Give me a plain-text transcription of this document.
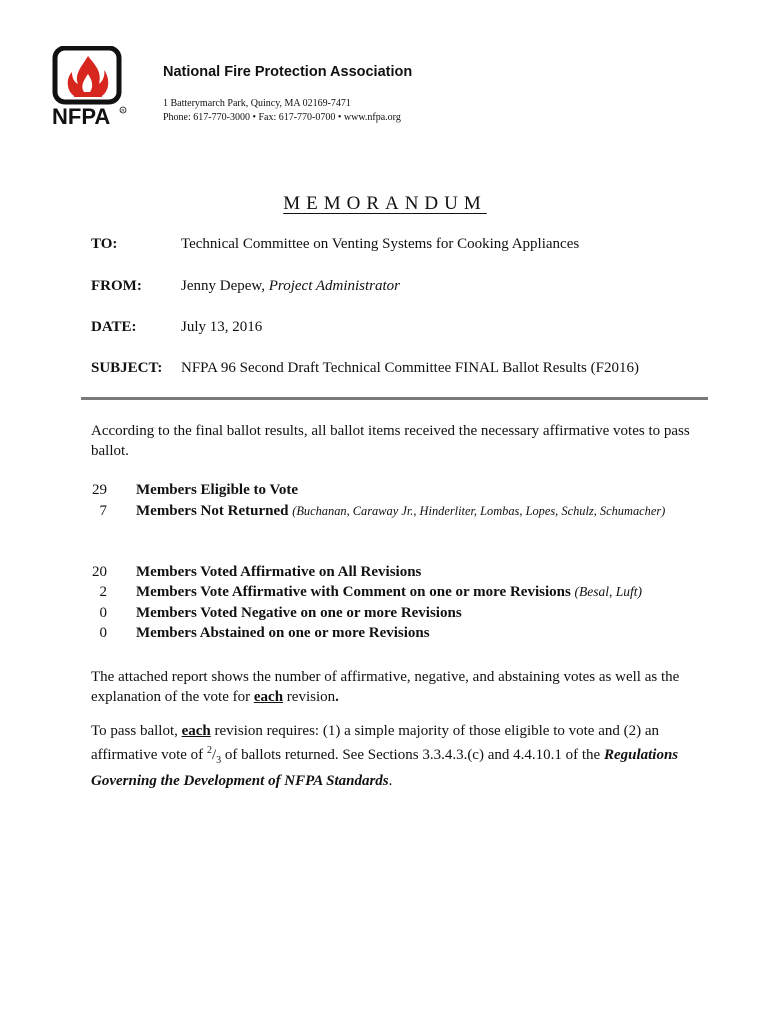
NFPA R
National Fire Protection Association
1 Batterymarch Park, Quincy, MA 02169-7471
Phone: 617-770-3000 • Fax: 617-770-0700 • www.nfpa.org
MEMORANDUM
TO:	Technical Committee on Venting Systems for Cooking Appliances
FROM:	Jenny Depew, Project Administrator
DATE:	July 13, 2016
SUBJECT: NFPA 96 Second Draft Technical Committee FINAL Ballot Results (F2016)

According to the final ballot results, all ballot items received the necessary affirmative votes to pass ballot.

29 Members Eligible to Vote
7 Members Not Returned (Buchanan, Caraway Jr., Hinderliter, Lombas, Lopes, Schulz, Schumacher)
20 Members Voted Affirmative on All Revisions
2 Members Vote Affirmative with Comment on one or more Revisions (Besal, Luft)
0 Members Voted Negative on one or more Revisions
0 Members Abstained on one or more Revisions

The attached report shows the number of affirmative, negative, and abstaining votes as well as the explanation of the vote for each revision.

To pass ballot, each revision requires: (1) a simple majority of those eligible to vote and (2) an affirmative vote of $^2/_3$ of ballots returned. See Sections 3.3.4.3.(c) and 4.4.10.1 of the Regulations Governing the Development of NFPA Standards.
